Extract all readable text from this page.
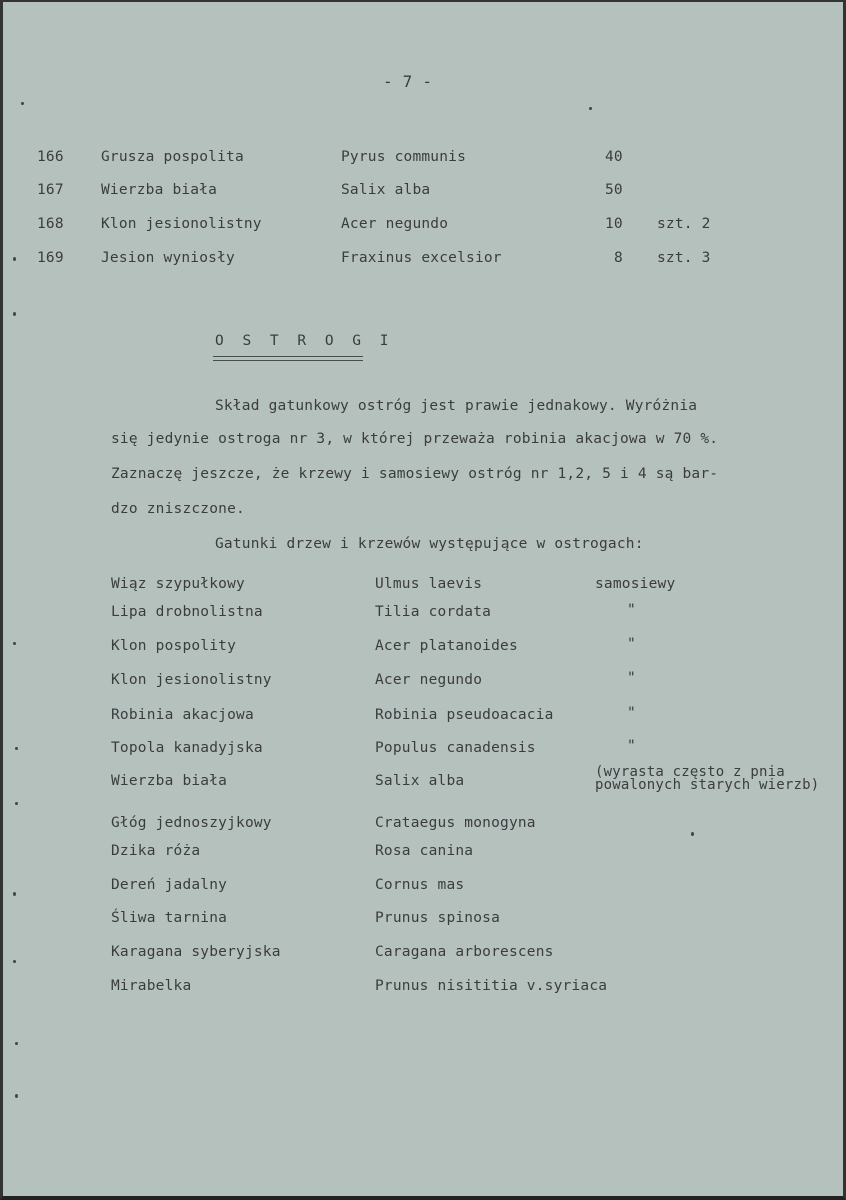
- 7 -
166	Grusza pospolita	Pyrus communis	40
167	Wierzba biała	Salix alba	50
168	Klon jesionolistny	Acer negundo	10 szt. 2
169	Jesion wyniosły	Fraxinus excelsior	8 szt. 3
O S T R O G I
Skład gatunkowy ostróg jest prawie jednakowy. Wyróżnia
się jedynie ostroga nr 3, w której przeważa robinia akacjowa w 70 %.
Zaznaczę jeszcze, że krzewy i samosiewy ostróg nr 1,2, 5 i 4 są bar-
dzo zniszczone.
Gatunki drzew i krzewów występujące w ostrogach:
Wiąz szypułkowy	Ulmus laevis	samosiewy
Lipa drobnolistna	Tilia cordata	"
Klon pospolity	Acer platanoides	"
Klon jesionolistny	Acer negundo	"
Robinia akacjowa	Robinia pseudoacacia	"
Topola kanadyjska	Populus canadensis	"
Wierzba biała	Salix alba
(wyrasta często z pnia powalonych starych wierzb)
Głóg jednoszyjkowy	Crataegus monogyna
Dzika róża	Rosa canina
Dereń jadalny	Cornus mas
Śliwa tarnina	Prunus spinosa
Karagana syberyjska	Caragana arborescens
Mirabelka	Prunus nisititia v.syriaca
